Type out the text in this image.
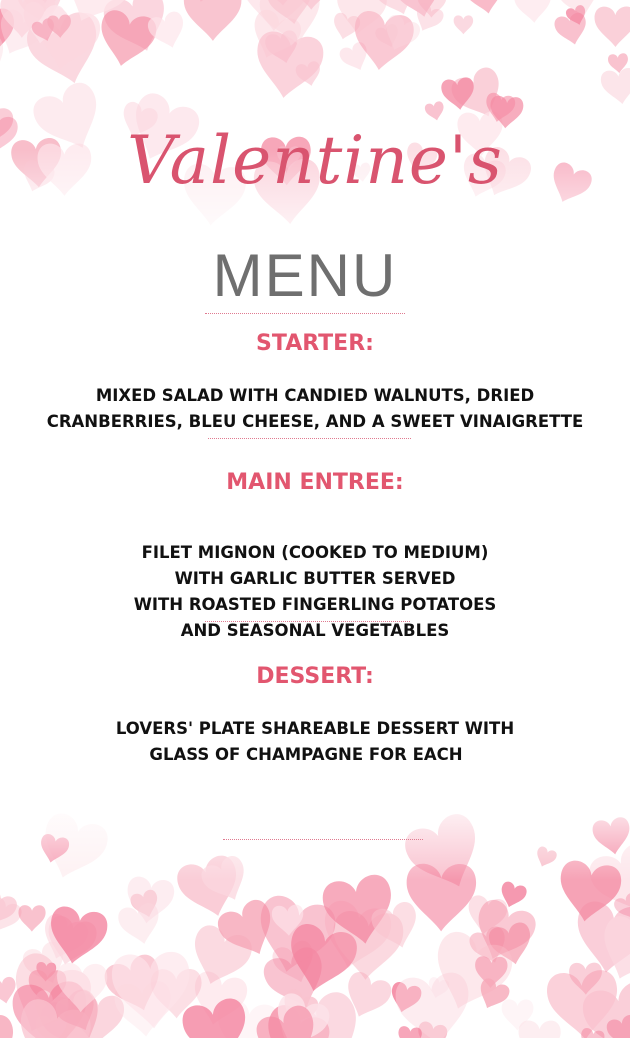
Valentine's
MENU
STARTER:
MIXED SALAD WITH CANDIED WALNUTS, DRIED
CRANBERRIES, BLEU CHEESE, AND A SWEET VINAIGRETTE
MAIN ENTREE:
FILET MIGNON (COOKED TO MEDIUM)
WITH GARLIC BUTTER SERVED
WITH ROASTED FINGERLING POTATOES
AND SEASONAL VEGETABLES
DESSERT:
LOVERS' PLATE SHAREABLE DESSERT WITH
GLASS OF CHAMPAGNE FOR EACH
